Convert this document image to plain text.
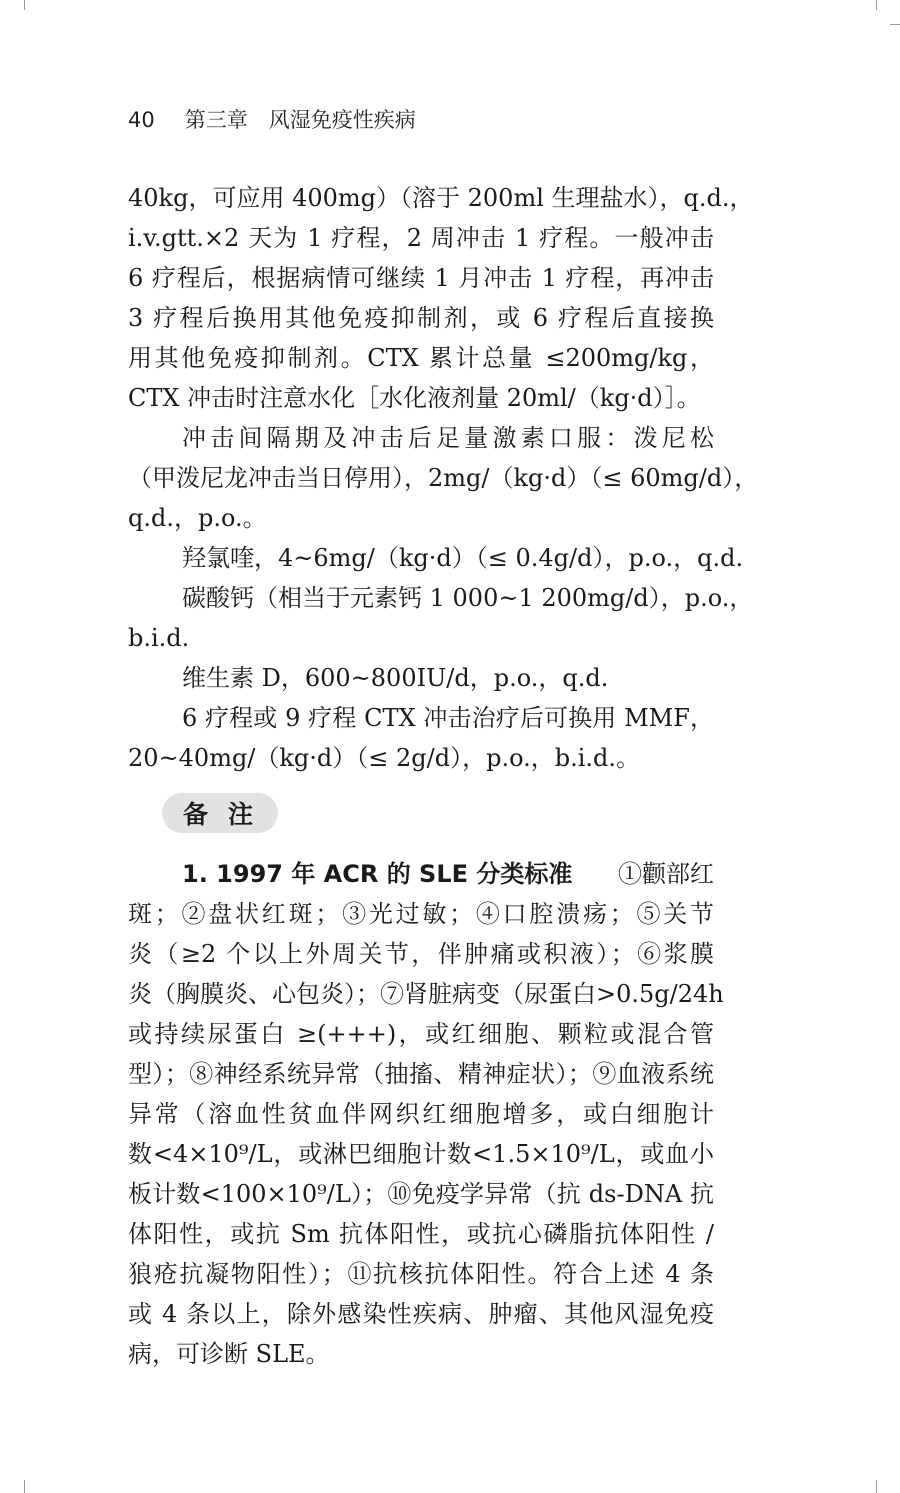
40 第三章　风湿免疫性疾病
40kg，可应用 400mg）（溶于 200ml 生理盐水），q.d.，
i.v.gtt.×2 天为 1 疗程，2 周冲击 1 疗程。一般冲击
6 疗程后，根据病情可继续 1 月冲击 1 疗程，再冲击
3 疗程后换用其他免疫抑制剂，或 6 疗程后直接换
用其他免疫抑制剂。CTX 累计总量 ≤200mg/kg，
CTX 冲击时注意水化［水化液剂量 20ml/（kg·d）］。
冲击间隔期及冲击后足量激素口服：泼尼松
（甲泼尼龙冲击当日停用），2mg/（kg·d）（≤ 60mg/d），
q.d.，p.o.。
羟氯喹，4~6mg/（kg·d）（≤ 0.4g/d），p.o.，q.d.
碳酸钙（相当于元素钙 1 000~1 200mg/d），p.o.，
b.i.d.
维生素 D，600~800IU/d，p.o.，q.d.
6 疗程或 9 疗程 CTX 冲击治疗后可换用 MMF，
20~40mg/（kg·d）（≤ 2g/d），p.o.，b.i.d.。
备注
1. 1997 年 ACR 的 SLE 分类标准 ①颧部红
斑；②盘状红斑；③光过敏；④口腔溃疡；⑤关节
炎（≥2 个以上外周关节，伴肿痛或积液）；⑥浆膜
炎（胸膜炎、心包炎）；⑦肾脏病变（尿蛋白>0.5g/24h
或持续尿蛋白 ≥(+++)，或红细胞、颗粒或混合管
型）；⑧神经系统异常（抽搐、精神症状）；⑨血液系统
异常（溶血性贫血伴网织红细胞增多，或白细胞计
数<4×10⁹/L，或淋巴细胞计数<1.5×10⁹/L，或血小
板计数<100×10⁹/L）；⑩免疫学异常（抗 ds-DNA 抗
体阳性，或抗 Sm 抗体阳性，或抗心磷脂抗体阳性 /
狼疮抗凝物阳性）；⑪抗核抗体阳性。符合上述 4 条
或 4 条以上，除外感染性疾病、肿瘤、其他风湿免疫
病，可诊断 SLE。
